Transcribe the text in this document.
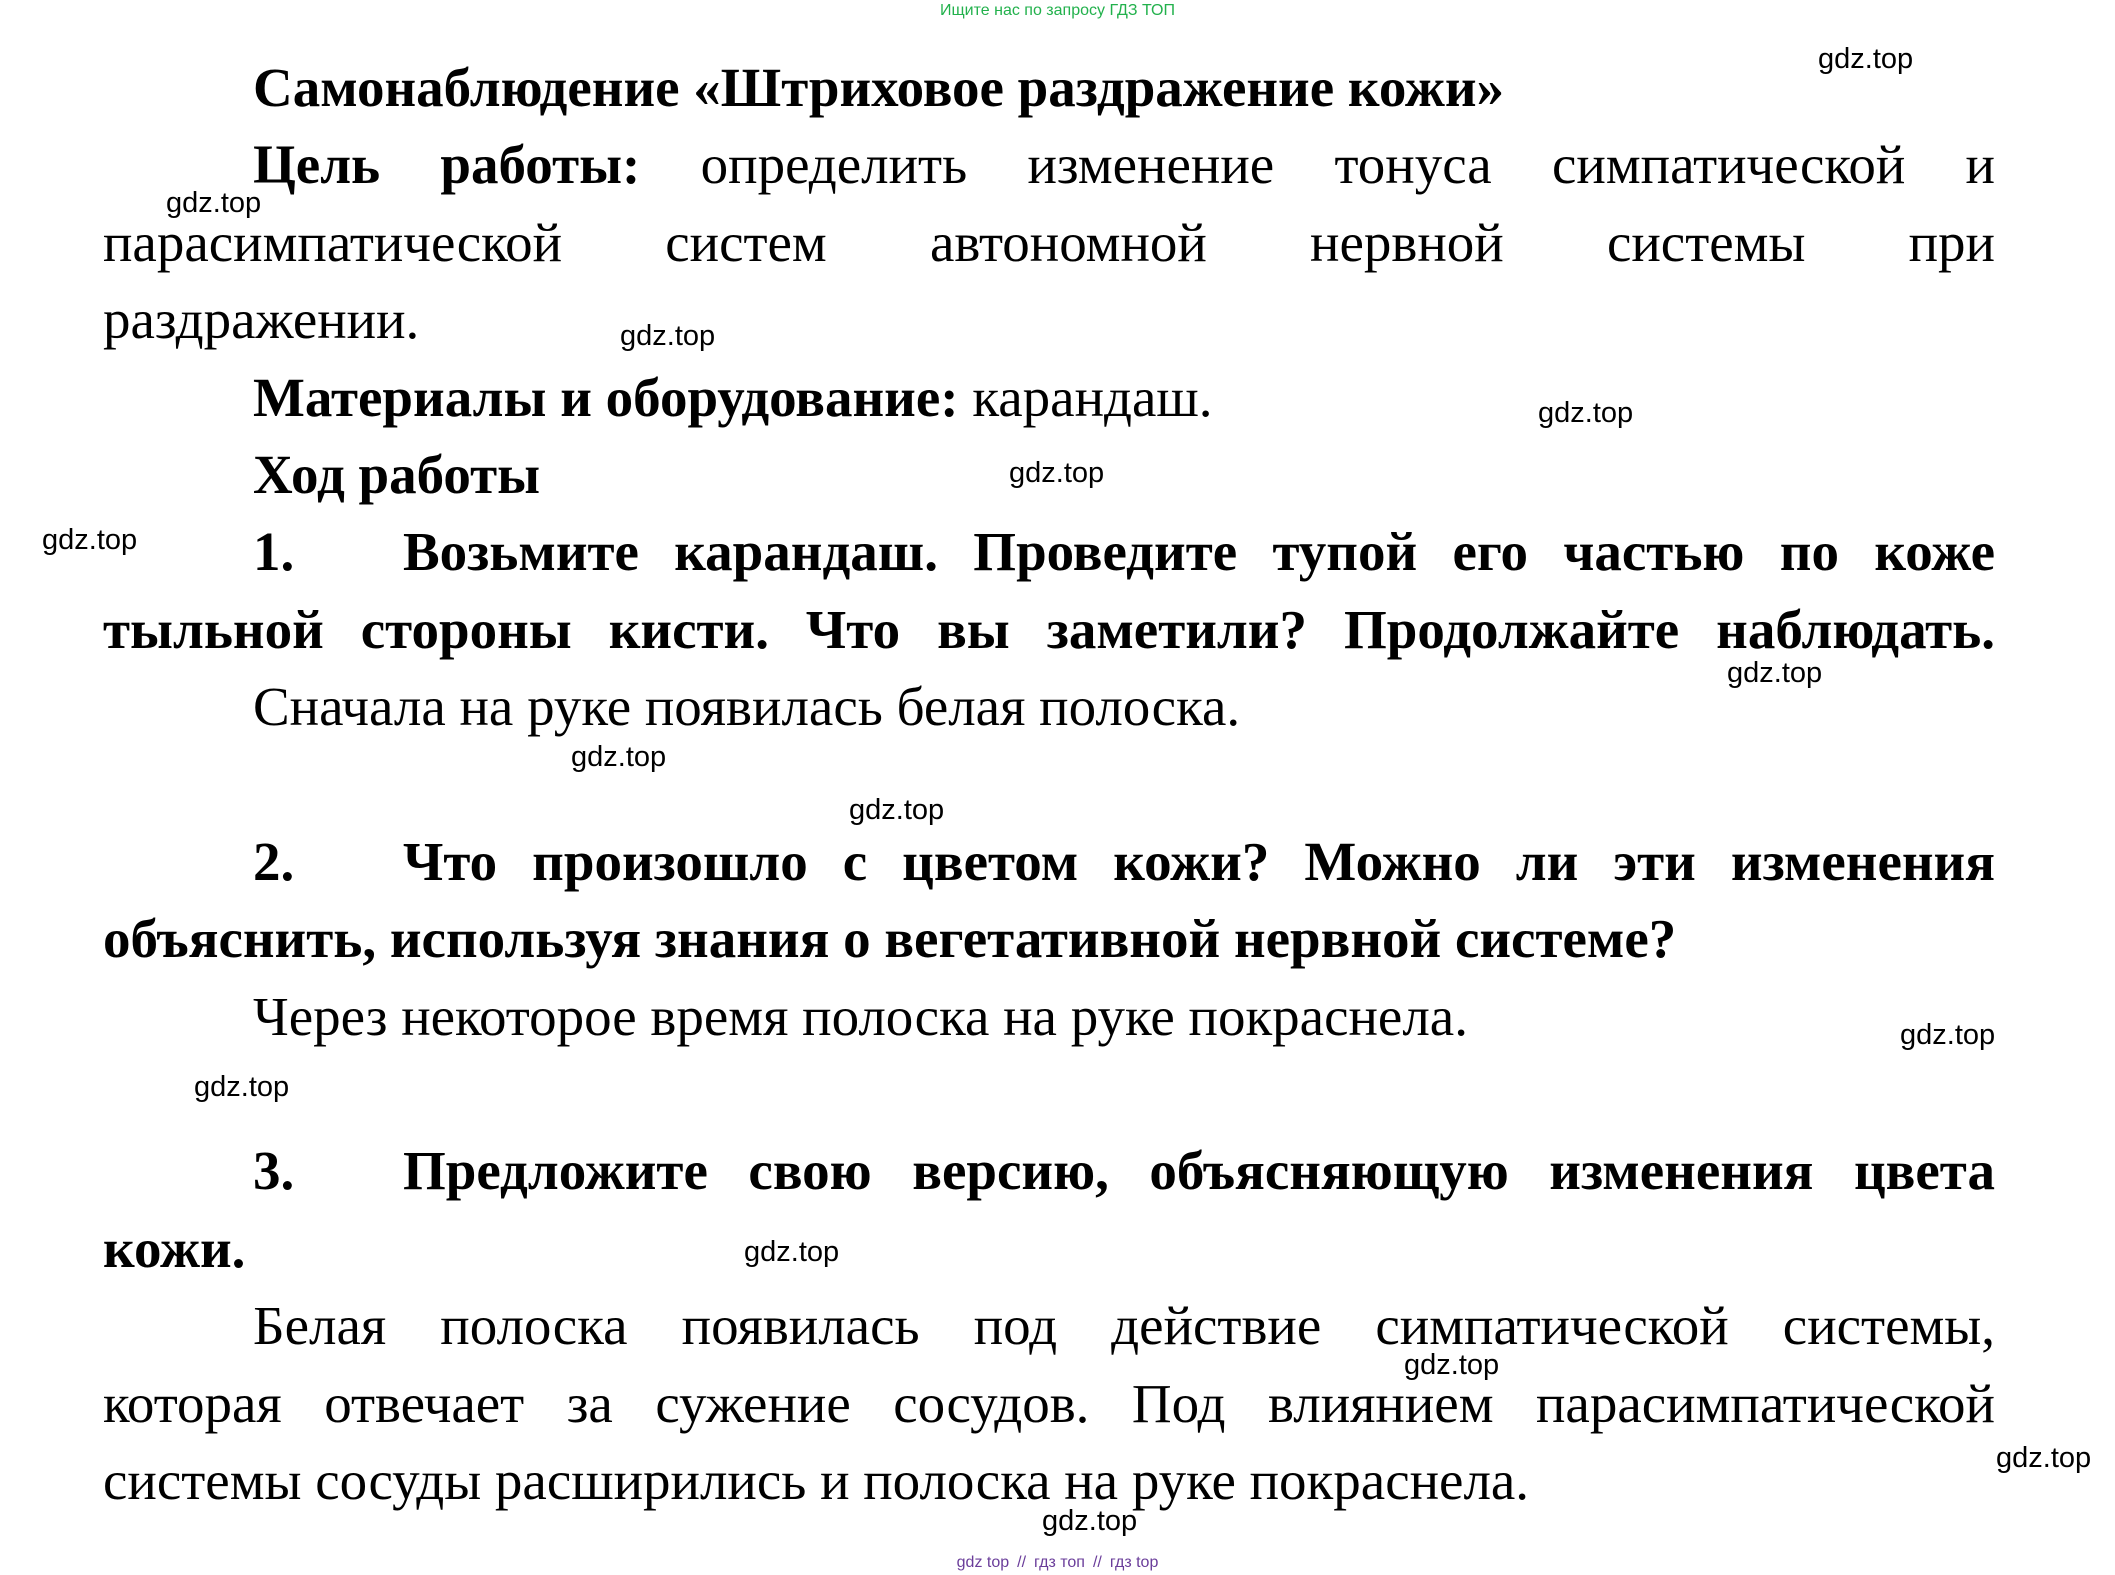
Ищите нас по запросу ГДЗ ТОП
Самонаблюдение «Штриховое раздражение кожи»
Цель работы: определить изменение тонуса симпатической и
парасимпатической систем автономной нервной системы при
раздражении.
Материалы и оборудование: карандаш.
Ход работы
1. Возьмите карандаш. Проведите тупой его частью по коже
тыльной стороны кисти. Что вы заметили? Продолжайте наблюдать.
Сначала на руке появилась белая полоска.
2. Что произошло с цветом кожи? Можно ли эти изменения
объяснить, используя знания о вегетативной нервной системе?
Через некоторое время полоска на руке покраснела.
3. Предложите свою версию, объясняющую изменения цвета
кожи.
Белая полоска появилась под действие симпатической системы,
которая отвечает за сужение сосудов. Под влиянием парасимпатической
системы сосуды расширились и полоска на руке покраснела.
gdz.top
gdz.top
gdz.top
gdz.top
gdz.top
gdz.top
gdz.top
gdz.top
gdz.top
gdz.top
gdz.top
gdz.top
gdz.top
gdz.top
gdz.top
gdz top // гдз топ // гдз top
